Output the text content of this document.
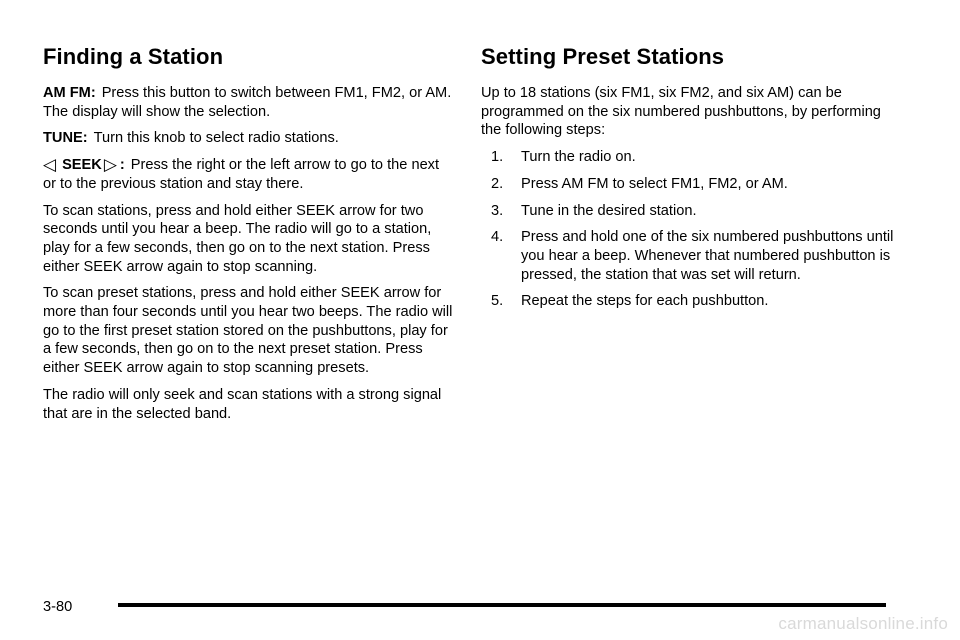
Finding a Station
AM FM: Press this button to switch between FM1, FM2, or AM. The display will show the selection.
TUNE: Turn this knob to select radio stations.
◁ SEEK ▷ : Press the right or the left arrow to go to the next or to the previous station and stay there.
To scan stations, press and hold either SEEK arrow for two seconds until you hear a beep. The radio will go to a station, play for a few seconds, then go on to the next station. Press either SEEK arrow again to stop scanning.
To scan preset stations, press and hold either SEEK arrow for more than four seconds until you hear two beeps. The radio will go to the first preset station stored on the pushbuttons, play for a few seconds, then go on to the next preset station. Press either SEEK arrow again to stop scanning presets.
The radio will only seek and scan stations with a strong signal that are in the selected band.
Setting Preset Stations
Up to 18 stations (six FM1, six FM2, and six AM) can be programmed on the six numbered pushbuttons, by performing the following steps:
1. Turn the radio on.
2. Press AM FM to select FM1, FM2, or AM.
3. Tune in the desired station.
4. Press and hold one of the six numbered pushbuttons until you hear a beep. Whenever that numbered pushbutton is pressed, the station that was set will return.
5. Repeat the steps for each pushbutton.
3-80
carmanualsonline.info
